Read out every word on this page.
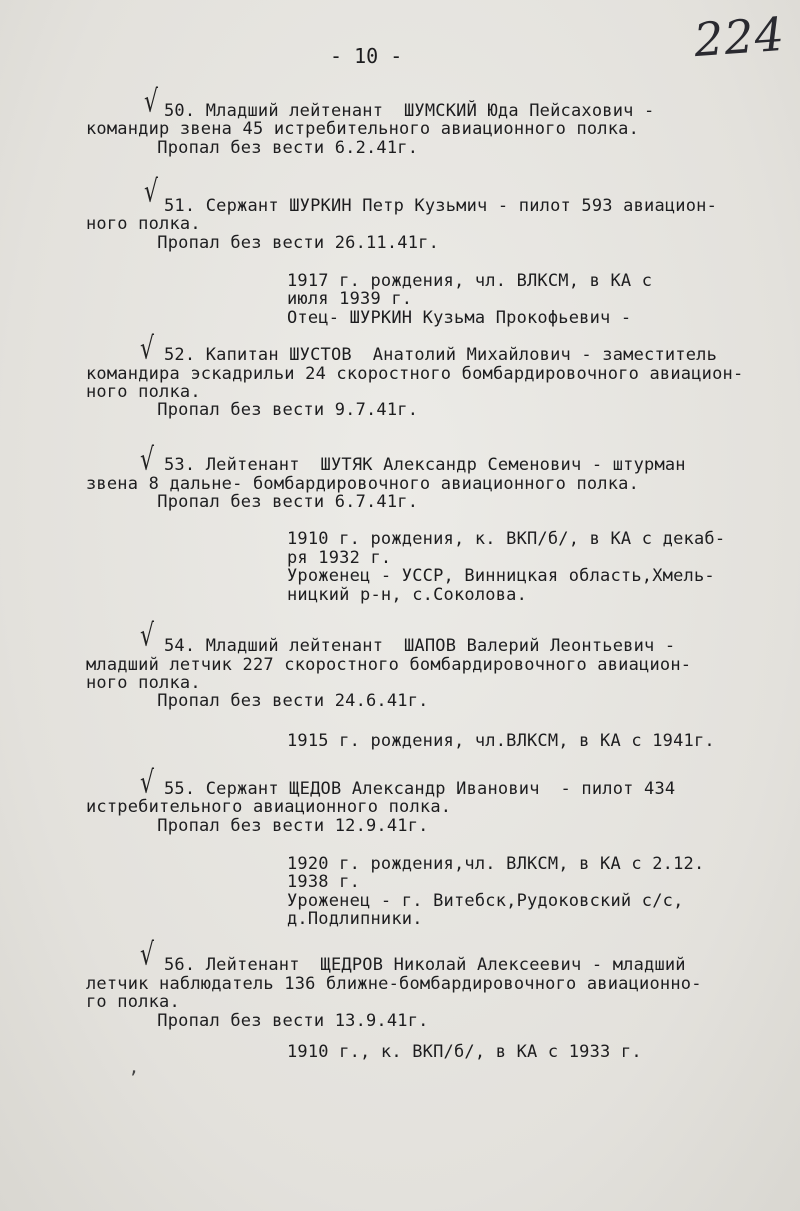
- 10 -	224
ʼ
√ 50. Младший лейтенант  ШУМСКИЙ Юда Пейсахович -
командир звена 45 истребительного авиационного полка.
Пропал без вести 6.2.41г.
√ 51. Сержант ШУРКИН Петр Кузьмич - пилот 593 авиацион-
ного полка.
Пропал без вести 26.11.41г.
1917 г. рождения, чл. ВЛКСМ, в КА с
июля 1939 г.
Отец- ШУРКИН Кузьма Прокофьевич -
√ 52. Капитан ШУСТОВ  Анатолий Михайлович - заместитель
командира эскадрильи 24 скоростного бомбардировочного авиацион-
ного полка.
Пропал без вести 9.7.41г.
√ 53. Лейтенант  ШУТЯК Александр Семенович - штурман
звена 8 дальне- бомбардировочного авиационного полка.
Пропал без вести 6.7.41г.
1910 г. рождения, к. ВКП/б/, в КА с декаб-
ря 1932 г.
Уроженец - УССР, Винницкая область,Хмель-
ницкий р-н, с.Соколова.
√ 54. Младший лейтенант  ШАПОВ Валерий Леонтьевич -
младший летчик 227 скоростного бомбардировочного авиацион-
ного полка.
Пропал без вести 24.6.41г.
1915 г. рождения, чл.ВЛКСМ, в КА с 1941г.
√ 55. Сержант ЩЕДОВ Александр Иванович  - пилот 434
истребительного авиационного полка.
Пропал без вести 12.9.41г.
1920 г. рождения,чл. ВЛКСМ, в КА с 2.12.
1938 г.
Уроженец - г. Витебск,Рудоковский с/с,
д.Подлипники.
√ 56. Лейтенант  ЩЕДРОВ Николай Алексеевич - младший
летчик наблюдатель 136 ближне-бомбардировочного авиационно-
го полка.
Пропал без вести 13.9.41г.
1910 г., к. ВКП/б/, в КА с 1933 г.
